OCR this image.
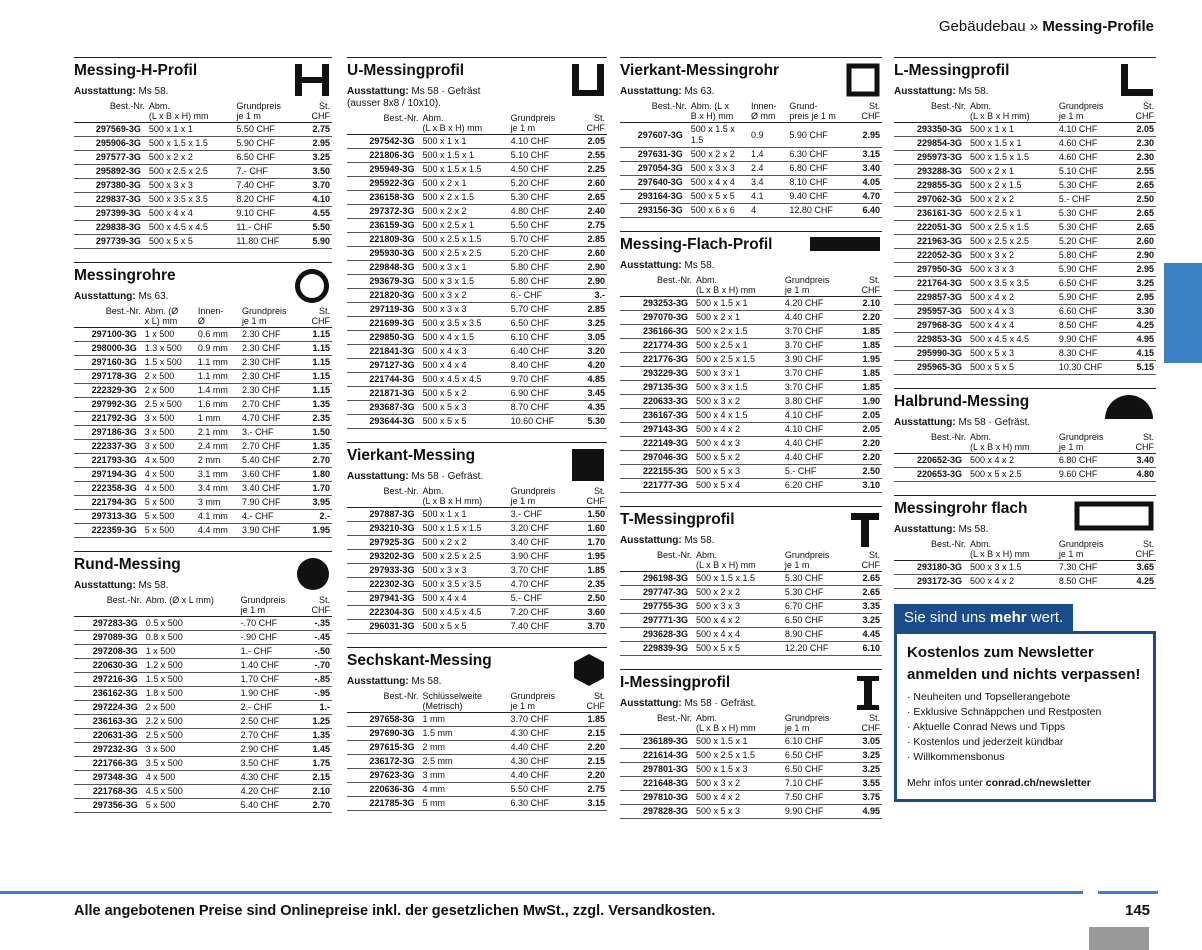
Gebäudebau » Messing-Profile
Messing-H-Profil
Ausstattung: Ms 58.
Best.-Nr.	Abm.
(L x B x H) mm	Grundpreis
je 1 m	St.
CHF
297569-3G	500 x 1 x 1	5.50 CHF	2.75
295906-3G	500 x 1.5 x 1.5	5.90 CHF	2.95
297577-3G	500 x 2 x 2	6.50 CHF	3.25
295892-3G	500 x 2.5 x 2.5	7.- CHF	3.50
297380-3G	500 x 3 x 3	7.40 CHF	3.70
229837-3G	500 x 3.5 x 3.5	8.20 CHF	4.10
297399-3G	500 x 4 x 4	9.10 CHF	4.55
229838-3G	500 x 4.5 x 4.5	11.- CHF	5.50
297739-3G	500 x 5 x 5	11.80 CHF	5.90
Messingrohre
Ausstattung: Ms 63.
Best.-Nr.	Abm. (Ø
x L) mm	Innen-
Ø	Grundpreis
je 1 m	St.
CHF
297100-3G	1 x 500	0.6 mm	2.30 CHF	1.15
298000-3G	1.3 x 500	0.9 mm	2.30 CHF	1.15
297160-3G	1.5 x 500	1.1 mm	2.30 CHF	1.15
297178-3G	2 x 500	1.1 mm	2.30 CHF	1.15
222329-3G	2 x 500	1.4 mm	2.30 CHF	1.15
297992-3G	2.5 x 500	1.6 mm	2.70 CHF	1.35
221792-3G	3 x 500	1 mm	4.70 CHF	2.35
297186-3G	3 x 500	2.1 mm	3.- CHF	1.50
222337-3G	3 x 500	2.4 mm	2.70 CHF	1.35
221793-3G	4 x 500	2 mm	5.40 CHF	2.70
297194-3G	4 x 500	3.1 mm	3.60 CHF	1.80
222358-3G	4 x 500	3.4 mm	3.40 CHF	1.70
221794-3G	5 x 500	3 mm	7.90 CHF	3.95
297313-3G	5 x 500	4.1 mm	4.- CHF	2.-
222359-3G	5 x 500	4.4 mm	3.90 CHF	1.95
Rund-Messing
Ausstattung: Ms 58.
Best.-Nr.	Abm. (Ø x L mm)	Grundpreis
je 1 m	St.
CHF
297283-3G	0.5 x 500	-.70 CHF	-.35
297089-3G	0.8 x 500	-.90 CHF	-.45
297208-3G	1 x 500	1.- CHF	-.50
220630-3G	1.2 x 500	1.40 CHF	-.70
297216-3G	1.5 x 500	1.70 CHF	-.85
236162-3G	1.8 x 500	1.90 CHF	-.95
297224-3G	2 x 500	2.- CHF	1.-
236163-3G	2.2 x 500	2.50 CHF	1.25
220631-3G	2.5 x 500	2.70 CHF	1.35
297232-3G	3 x 500	2.90 CHF	1.45
221766-3G	3.5 x 500	3.50 CHF	1.75
297348-3G	4 x 500	4.30 CHF	2.15
221768-3G	4.5 x 500	4.20 CHF	2.10
297356-3G	5 x 500	5.40 CHF	2.70
U-Messingprofil
Ausstattung: Ms 58 · Gefräst
(ausser 8x8 / 10x10).
Best.-Nr.	Abm.
(L x B x H) mm	Grundpreis
je 1 m	St.
CHF
297542-3G	500 x 1 x 1	4.10 CHF	2.05
221806-3G	500 x 1.5 x 1	5.10 CHF	2.55
295949-3G	500 x 1.5 x 1.5	4.50 CHF	2.25
295922-3G	500 x 2 x 1	5.20 CHF	2.60
236158-3G	500 x 2 x 1.5	5.30 CHF	2.65
297372-3G	500 x 2 x 2	4.80 CHF	2.40
236159-3G	500 x 2.5 x 1	5.50 CHF	2.75
221809-3G	500 x 2.5 x 1.5	5.70 CHF	2.85
295930-3G	500 x 2.5 x 2.5	5.20 CHF	2.60
229848-3G	500 x 3 x 1	5.80 CHF	2.90
293679-3G	500 x 3 x 1.5	5.80 CHF	2.90
221820-3G	500 x 3 x 2	6.- CHF	3.-
297119-3G	500 x 3 x 3	5.70 CHF	2.85
221699-3G	500 x 3.5 x 3.5	6.50 CHF	3.25
229850-3G	500 x 4 x 1.5	6.10 CHF	3.05
221841-3G	500 x 4 x 3	6.40 CHF	3.20
297127-3G	500 x 4 x 4	8.40 CHF	4.20
221744-3G	500 x 4.5 x 4.5	9.70 CHF	4.85
221871-3G	500 x 5 x 2	6.90 CHF	3.45
293687-3G	500 x 5 x 3	8.70 CHF	4.35
293644-3G	500 x 5 x 5	10.60 CHF	5.30
Vierkant-Messing
Ausstattung: Ms 58 · Gefräst.
Best.-Nr.	Abm.
(L x B x H mm)	Grundpreis
je 1 m	St.
CHF
297887-3G	500 x 1 x 1	3.- CHF	1.50
293210-3G	500 x 1.5 x 1.5	3.20 CHF	1.60
297925-3G	500 x 2 x 2	3.40 CHF	1.70
293202-3G	500 x 2.5 x 2.5	3.90 CHF	1.95
297933-3G	500 x 3 x 3	3.70 CHF	1.85
222302-3G	500 x 3.5 x 3.5	4.70 CHF	2.35
297941-3G	500 x 4 x 4	5.- CHF	2.50
222304-3G	500 x 4.5 x 4.5	7.20 CHF	3.60
296031-3G	500 x 5 x 5	7.40 CHF	3.70
Sechskant-Messing
Ausstattung: Ms 58.
Best.-Nr.	Schlüsselweite
(Metrisch)	Grundpreis
je 1 m	St.
CHF
297658-3G	1 mm	3.70 CHF	1.85
297690-3G	1.5 mm	4.30 CHF	2.15
297615-3G	2 mm	4.40 CHF	2.20
236172-3G	2.5 mm	4.30 CHF	2.15
297623-3G	3 mm	4.40 CHF	2.20
220636-3G	4 mm	5.50 CHF	2.75
221785-3G	5 mm	6.30 CHF	3.15
Vierkant-Messingrohr
Ausstattung: Ms 63.
Best.-Nr.	Abm. (L x
B x H) mm	Innen-
Ø mm	Grund-
preis je 1 m	St.
CHF
297607-3G	500 x 1.5 x 1.5	0.9	5.90 CHF	2.95
297631-3G	500 x 2 x 2	1.4	6.30 CHF	3.15
297054-3G	500 x 3 x 3	2.4	6.80 CHF	3.40
297640-3G	500 x 4 x 4	3.4	8.10 CHF	4.05
293164-3G	500 x 5 x 5	4.1	9.40 CHF	4.70
293156-3G	500 x 6 x 6	4	12.80 CHF	6.40
Messing-Flach-Profil
Ausstattung: Ms 58.
Best.-Nr.	Abm.
(L x B x H) mm	Grundpreis
je 1 m	St.
CHF
293253-3G	500 x 1.5 x 1	4.20 CHF	2.10
297070-3G	500 x 2 x 1	4.40 CHF	2.20
236166-3G	500 x 2 x 1.5	3.70 CHF	1.85
221774-3G	500 x 2.5 x 1	3.70 CHF	1.85
221776-3G	500 x 2.5 x 1.5	3.90 CHF	1.95
293229-3G	500 x 3 x 1	3.70 CHF	1.85
297135-3G	500 x 3 x 1.5	3.70 CHF	1.85
220633-3G	500 x 3 x 2	3.80 CHF	1.90
236167-3G	500 x 4 x 1.5	4.10 CHF	2.05
297143-3G	500 x 4 x 2	4.10 CHF	2.05
222149-3G	500 x 4 x 3	4.40 CHF	2.20
297046-3G	500 x 5 x 2	4.40 CHF	2.20
222155-3G	500 x 5 x 3	5.- CHF	2.50
221777-3G	500 x 5 x 4	6.20 CHF	3.10
T-Messingprofil
Ausstattung: Ms 58.
Best.-Nr.	Abm.
(L x B x H) mm	Grundpreis
je 1 m	St.
CHF
296198-3G	500 x 1.5 x 1.5	5.30 CHF	2.65
297747-3G	500 x 2 x 2	5.30 CHF	2.65
297755-3G	500 x 3 x 3	6.70 CHF	3.35
297771-3G	500 x 4 x 2	6.50 CHF	3.25
293628-3G	500 x 4 x 4	8.90 CHF	4.45
229839-3G	500 x 5 x 5	12.20 CHF	6.10
I-Messingprofil
Ausstattung: Ms 58 · Gefräst.
Best.-Nr.	Abm.
(L x B x H) mm	Grundpreis
je 1 m	St.
CHF
236189-3G	500 x 1.5 x 1	6.10 CHF	3.05
221614-3G	500 x 2.5 x 1.5	6.50 CHF	3.25
297801-3G	500 x 1.5 x 3	6.50 CHF	3.25
221648-3G	500 x 3 x 2	7.10 CHF	3.55
297810-3G	500 x 4 x 2	7.50 CHF	3.75
297828-3G	500 x 5 x 3	9.90 CHF	4.95
L-Messingprofil
Ausstattung: Ms 58.
Best.-Nr.	Abm.
(L x B x H mm)	Grundpreis
je 1 m	St.
CHF
293350-3G	500 x 1 x 1	4.10 CHF	2.05
229854-3G	500 x 1.5 x 1	4.60 CHF	2.30
295973-3G	500 x 1.5 x 1.5	4.60 CHF	2.30
293288-3G	500 x 2 x 1	5.10 CHF	2.55
229855-3G	500 x 2 x 1.5	5.30 CHF	2.65
297062-3G	500 x 2 x 2	5.- CHF	2.50
236161-3G	500 x 2.5 x 1	5.30 CHF	2.65
222051-3G	500 x 2.5 x 1.5	5.30 CHF	2.65
221963-3G	500 x 2.5 x 2.5	5.20 CHF	2.60
222052-3G	500 x 3 x 2	5.80 CHF	2.90
297950-3G	500 x 3 x 3	5.90 CHF	2.95
221764-3G	500 x 3.5 x 3.5	6.50 CHF	3.25
229857-3G	500 x 4 x 2	5.90 CHF	2.95
295957-3G	500 x 4 x 3	6.60 CHF	3.30
297968-3G	500 x 4 x 4	8.50 CHF	4.25
229853-3G	500 x 4.5 x 4.5	9.90 CHF	4.95
295990-3G	500 x 5 x 3	8.30 CHF	4.15
295965-3G	500 x 5 x 5	10.30 CHF	5.15
Halbrund-Messing
Ausstattung: Ms 58 · Gefräst.
Best.-Nr.	Abm.
(L x B x H) mm	Grundpreis
je 1 m	St.
CHF
220652-3G	500 x 4 x 2	6.80 CHF	3.40
220653-3G	500 x 5 x 2.5	9.60 CHF	4.80
Messingrohr flach
Ausstattung: Ms 58.
Best.-Nr.	Abm.
(L x B x H) mm	Grundpreis
je 1 m	St.
CHF
293180-3G	500 x 3 x 1.5	7.30 CHF	3.65
293172-3G	500 x 4 x 2	8.50 CHF	4.25
Sie sind uns mehr wert.
Kostenlos zum Newsletter
anmelden und nichts verpassen!
· Neuheiten und Topsellerangebote
· Exklusive Schnäppchen und Restposten
· Aktuelle Conrad News und Tipps
· Kostenlos und jederzeit kündbar
· Willkommensbonus
Mehr infos unter conrad.ch/newsletter
Alle angebotenen Preise sind Onlinepreise inkl. der gesetzlichen MwSt., zzgl. Versandkosten.	145
